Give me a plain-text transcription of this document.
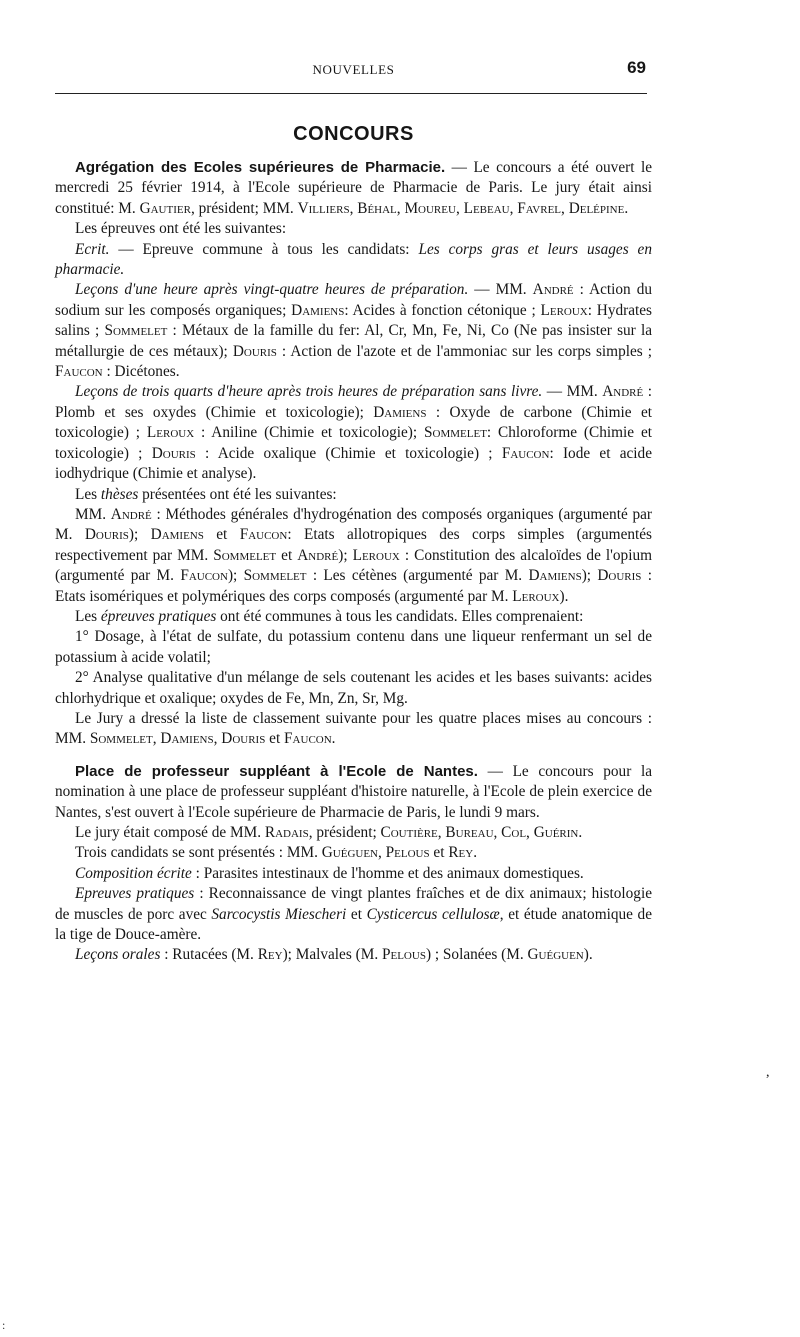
NOUVELLES	69
CONCOURS

Agrégation des Ecoles supérieures de Pharmacie. — Le concours a été ouvert le mercredi 25 février 1914, à l'Ecole supérieure de Pharmacie de Paris. Le jury était ainsi constitué: M. Gautier, président; MM. Villiers, Béhal, Moureu, Lebeau, Favrel, Delépine.

Les épreuves ont été les suivantes:

Ecrit. — Epreuve commune à tous les candidats: Les corps gras et leurs usages en pharmacie.

Leçons d'une heure après vingt-quatre heures de préparation. — MM. André : Action du sodium sur les composés organiques; Damiens: Acides à fonction cétonique ; Leroux: Hydrates salins ; Sommelet : Métaux de la famille du fer: Al, Cr, Mn, Fe, Ni, Co (Ne pas insister sur la métallurgie de ces métaux); Douris : Action de l'azote et de l'ammoniac sur les corps simples ; Faucon : Dicétones.

Leçons de trois quarts d'heure après trois heures de préparation sans livre. — MM. André : Plomb et ses oxydes (Chimie et toxicologie); Damiens : Oxyde de carbone (Chimie et toxicologie) ; Leroux : Aniline (Chimie et toxicologie); Sommelet: Chloroforme (Chimie et toxicologie) ; Douris : Acide oxalique (Chimie et toxicologie) ; Faucon: Iode et acide iodhydrique (Chimie et analyse).

Les thèses présentées ont été les suivantes:

MM. André : Méthodes générales d'hydrogénation des composés organiques (argumenté par M. Douris); Damiens et Faucon: Etats allotropiques des corps simples (argumentés respectivement par MM. Sommelet et André); Leroux : Constitution des alcaloïdes de l'opium (argumenté par M. Faucon); Sommelet : Les cétènes (argumenté par M. Damiens); Douris : Etats isomériques et polymériques des corps composés (argumenté par M. Leroux).

Les épreuves pratiques ont été communes à tous les candidats. Elles comprenaient:

1° Dosage, à l'état de sulfate, du potassium contenu dans une liqueur renfermant un sel de potassium à acide volatil;

2° Analyse qualitative d'un mélange de sels coutenant les acides et les bases suivants: acides chlorhydrique et oxalique; oxydes de Fe, Mn, Zn, Sr, Mg.

Le Jury a dressé la liste de classement suivante pour les quatre places mises au concours : MM. Sommelet, Damiens, Douris et Faucon.

Place de professeur suppléant à l'Ecole de Nantes. — Le concours pour la nomination à une place de professeur suppléant d'histoire naturelle, à l'Ecole de plein exercice de Nantes, s'est ouvert à l'Ecole supérieure de Pharmacie de Paris, le lundi 9 mars.

Le jury était composé de MM. Radais, président; Coutière, Bureau, Col, Guérin.

Trois candidats se sont présentés : MM. Guéguen, Pelous et Rey.

Composition écrite : Parasites intestinaux de l'homme et des animaux domestiques.

Epreuves pratiques : Reconnaissance de vingt plantes fraîches et de dix animaux; histologie de muscles de porc avec Sarcocystis Miescheri et Cysticercus cellulosæ, et étude anatomique de la tige de Douce-amère.

Leçons orales : Rutacées (M. Rey); Malvales (M. Pelous) ; Solanées (M. Guéguen).

,
:
